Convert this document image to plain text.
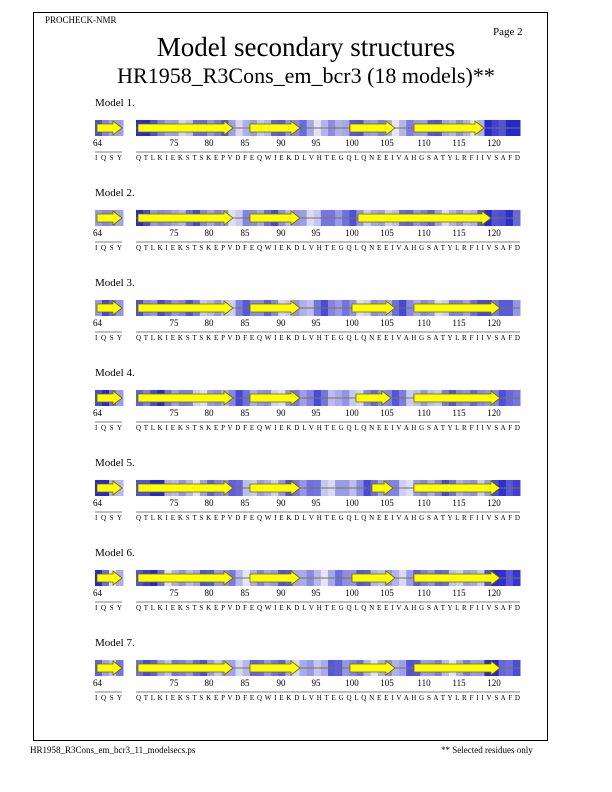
PROCHECK-NMR
Page 2
Model secondary structures
HR1958_R3Cons_em_bcr3 (18 models)**
Model 1.
64	75	80	85	90	95	100 105	110 115 120
I Q S Y Q T L K I E K S T S K E P V D F E Q W I E K D L V H T E G Q L Q N E E I V A H G S A T Y L R F I I V S A F D
Model 2.
64	75	80	85	90	95	100 105	110 115 120
I Q S Y Q T L K I E K S T S K E P V D F E Q W I E K D L V H T E G Q L Q N E E I V A H G S A T Y L R F I I V S A F D
Model 3.
64	75	80	85	90	95	100 105	110 115 120
I Q S Y Q T L K I E K S T S K E P V D F E Q W I E K D L V H T E G Q L Q N E E I V A H G S A T Y L R F I I V S A F D
Model 4.
64	75	80	85	90	95	100 105	110 115 120
I Q S Y Q T L K I E K S T S K E P V D F E Q W I E K D L V H T E G Q L Q N E E I V A H G S A T Y L R F I I V S A F D
Model 5.
64	75	80	85	90	95	100 105	110 115 120
I Q S Y Q T L K I E K S T S K E P V D F E Q W I E K D L V H T E G Q L Q N E E I V A H G S A T Y L R F I I V S A F D
Model 6.
64	75	80	85	90	95	100 105	110 115 120
I Q S Y Q T L K I E K S T S K E P V D F E Q W I E K D L V H T E G Q L Q N E E I V A H G S A T Y L R F I I V S A F D
Model 7.
64	75	80	85	90	95	100 105	110 115 120
I Q S Y Q T L K I E K S T S K E P V D F E Q W I E K D L V H T E G Q L Q N E E I V A H G S A T Y L R F I I V S A F D
HR1958_R3Cons_em_bcr3_11_modelsecs.ps	** Selected residues only
